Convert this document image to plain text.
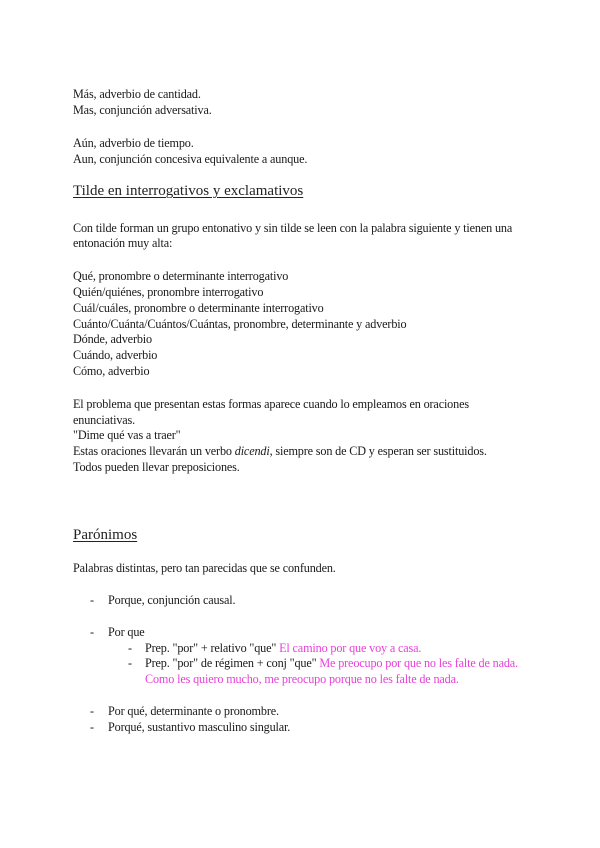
Más, adverbio de cantidad.
Mas, conjunción adversativa.
Aún, adverbio de tiempo.
Aun, conjunción concesiva equivalente a aunque.
Tilde en interrogativos y exclamativos
Con tilde forman un grupo entonativo y sin tilde se leen con la palabra siguiente y tienen una
entonación muy alta:
Qué, pronombre o determinante interrogativo
Quién/quiénes, pronombre interrogativo
Cuál/cuáles, pronombre o determinante interrogativo
Cuánto/Cuánta/Cuántos/Cuántas, pronombre, determinante y adverbio
Dónde, adverbio
Cuándo, adverbio
Cómo, adverbio
El problema que presentan estas formas aparece cuando lo empleamos en oraciones
enunciativas.
"Dime qué vas a traer"
Estas oraciones llevarán un verbo dicendi, siempre son de CD y esperan ser sustituidos.
Todos pueden llevar preposiciones.
Parónimos
Palabras distintas, pero tan parecidas que se confunden.
- Porque, conjunción causal.
- Por que
- Prep. "por" + relativo "que" El camino por que voy a casa.
- Prep. "por" de régimen + conj "que" Me preocupo por que no les falte de nada.
Como les quiero mucho, me preocupo porque no les falte de nada.
- Por qué, determinante o pronombre.
- Porqué, sustantivo masculino singular.
